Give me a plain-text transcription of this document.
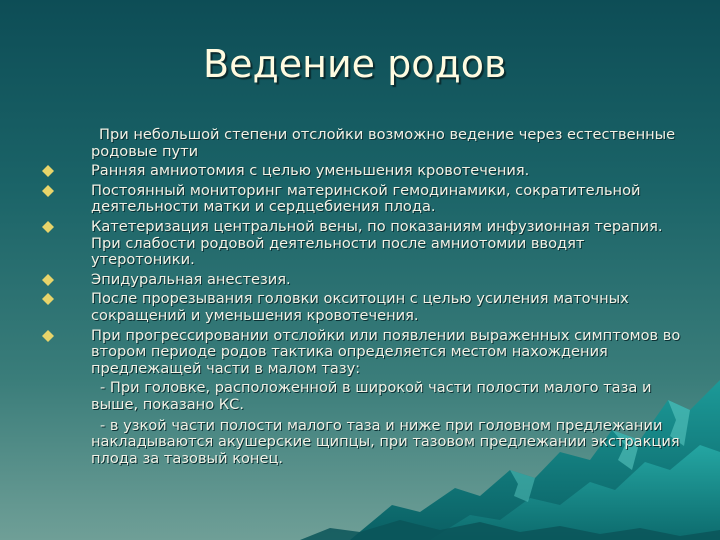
Ведение родов

При небольшой степени отслойки возможно ведение через естественные родовые пути

Ранняя амниотомия с целью уменьшения кровотечения.
Постоянный мониторинг материнской гемодинамики, сократительной деятельности матки и сердцебиения плода.
Катетеризация центральной вены, по показаниям инфузионная терапия. При слабости родовой деятельности после амниотомии вводят утеротоники.
Эпидуральная анестезия.
После прорезывания головки окситоцин с целью усиления маточных сокращений и уменьшения кровотечения.
При прогрессировании отслойки или появлении выраженных симптомов во втором периоде родов тактика определяется местом нахождения предлежащей части в малом тазу:

- При головке, расположенной в широкой части полости малого таза и выше, показано КС.

- в узкой части полости малого таза и ниже при головном предлежании накладываются акушерские щипцы, при тазовом предлежании экстракция плода за тазовый конец.
